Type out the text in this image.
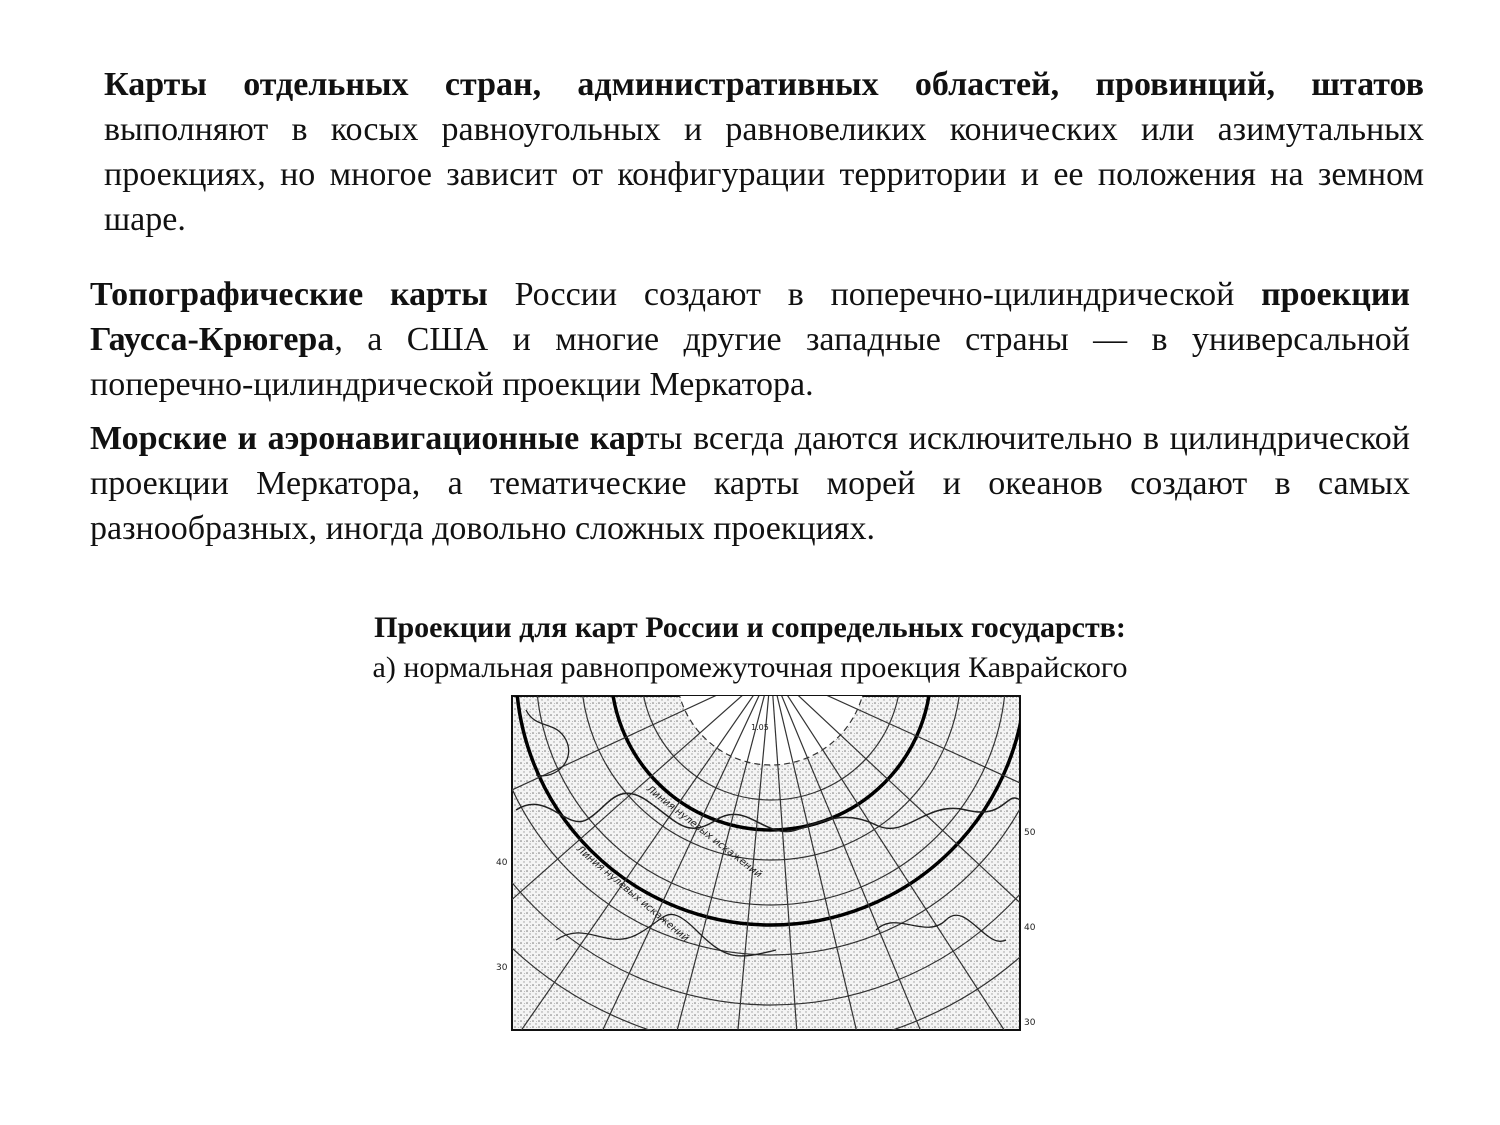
Карты отдельных стран, административных областей, провинций, штатов выполняют в косых равноугольных и равновеликих конических или азимутальных проекциях, но многое зависит от конфигурации территории и ее положения на земном шаре.

Топографические карты России создают в поперечно-цилиндрической проекции Гаусса-Крюгера, а США и многие другие западные страны — в универсальной поперечно-цилиндрической проекции Меркатора.

Морские и аэронавигационные карты всегда даются исключительно в цилиндрической проекции Меркатора, а тематические карты морей и океанов создают в самых разнообразных, иногда довольно сложных проекциях.

Проекции для карт России и сопредельных государств:
а) нормальная равнопромежуточная проекция Каврайского
40
30
50
40
30
1.05
Линия нулевых искажений
Линия нулевых искажений
